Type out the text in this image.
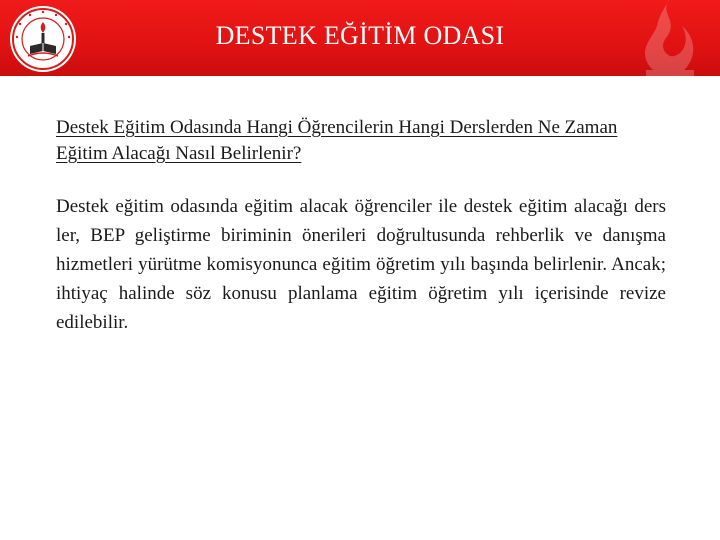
DESTEK EĞİTİM ODASI

Destek Eğitim Odasında Hangi Öğrencilerin Hangi Derslerden Ne Zaman Eğitim Alacağı Nasıl Belirlenir?

Destek eğitim odasında eğitim alacak öğrenciler ile destek eğitim alacağı ders ler, BEP geliştirme biriminin önerileri doğrultusunda rehberlik ve danışma hizmetleri yürütme komisyonunca eğitim öğretim yılı başında belirlenir. Ancak; ihtiyaç halinde söz konusu planlama eğitim öğretim yılı içerisinde revize edilebilir.
